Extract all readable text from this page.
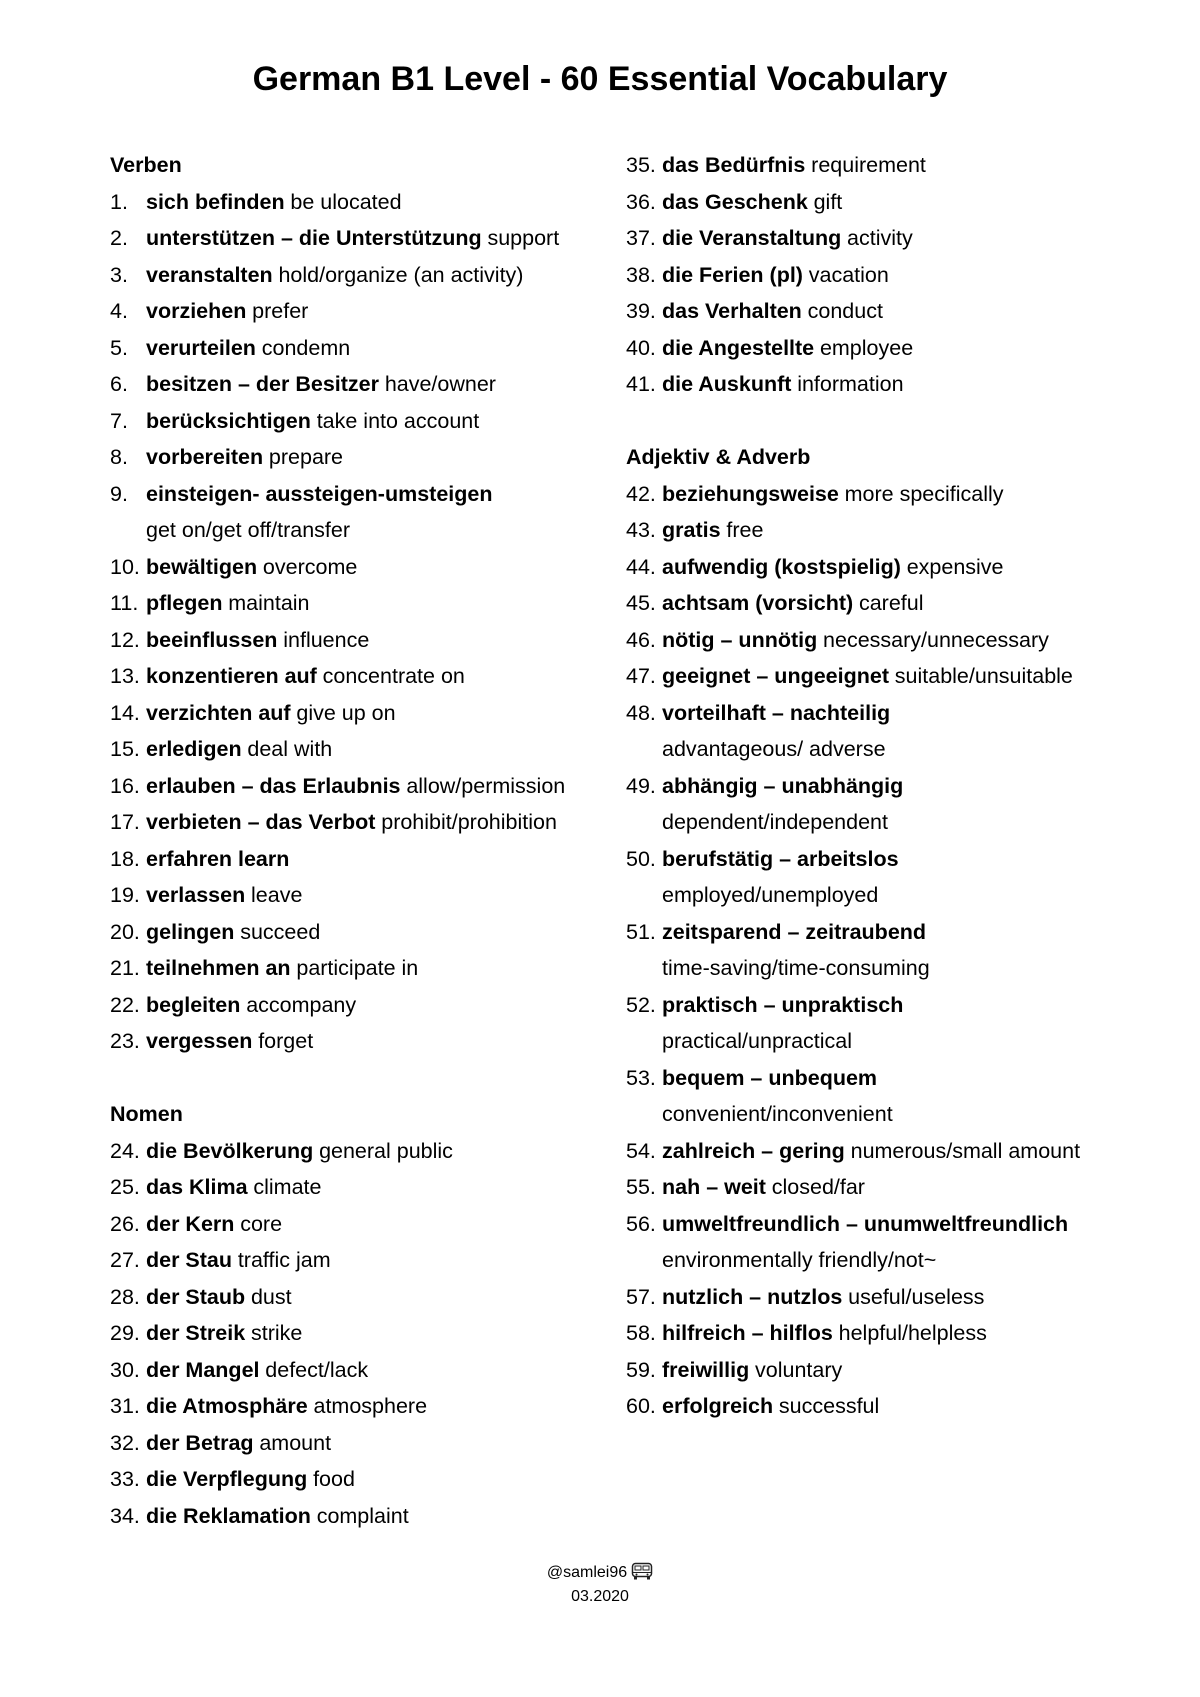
German B1 Level - 60 Essential Vocabulary
Verben
1. sich befinden be ulocated
2. unterstützen – die Unterstützung support
3. veranstalten hold/organize (an activity)
4. vorziehen prefer
5. verurteilen condemn
6. besitzen – der Besitzer have/owner
7. berücksichtigen take into account
8. vorbereiten prepare
9. einsteigen- aussteigen-umsteigen
get on/get off/transfer
10. bewältigen overcome
11. pflegen maintain
12. beeinflussen influence
13. konzentieren auf concentrate on
14. verzichten auf give up on
15. erledigen deal with
16. erlauben – das Erlaubnis allow/permission
17. verbieten – das Verbot prohibit/prohibition
18. erfahren learn
19. verlassen leave
20. gelingen succeed
21. teilnehmen an participate in
22. begleiten accompany
23. vergessen forget
Nomen
24. die Bevölkerung general public
25. das Klima climate
26. der Kern core
27. der Stau traffic jam
28. der Staub dust
29. der Streik strike
30. der Mangel defect/lack
31. die Atmosphäre atmosphere
32. der Betrag amount
33. die Verpflegung food
34. die Reklamation complaint
35. das Bedürfnis requirement
36. das Geschenk gift
37. die Veranstaltung activity
38. die Ferien (pl) vacation
39. das Verhalten conduct
40. die Angestellte employee
41. die Auskunft information
Adjektiv & Adverb
42. beziehungsweise more specifically
43. gratis free
44. aufwendig (kostspielig) expensive
45. achtsam (vorsicht) careful
46. nötig – unnötig necessary/unnecessary
47. geeignet – ungeeignet suitable/unsuitable
48. vorteilhaft – nachteilig
advantageous/ adverse
49. abhängig – unabhängig
dependent/independent
50. berufstätig – arbeitslos
employed/unemployed
51. zeitsparend – zeitraubend
time-saving/time-consuming
52. praktisch – unpraktisch
practical/unpractical
53. bequem – unbequem
convenient/inconvenient
54. zahlreich – gering numerous/small amount
55. nah – weit closed/far
56. umweltfreundlich – unumweltfreundlich
environmentally friendly/not~
57. nutzlich – nutzlos useful/useless
58. hilfreich – hilflos helpful/helpless
59. freiwillig voluntary
60. erfolgreich successful
@samlei96
03.2020
